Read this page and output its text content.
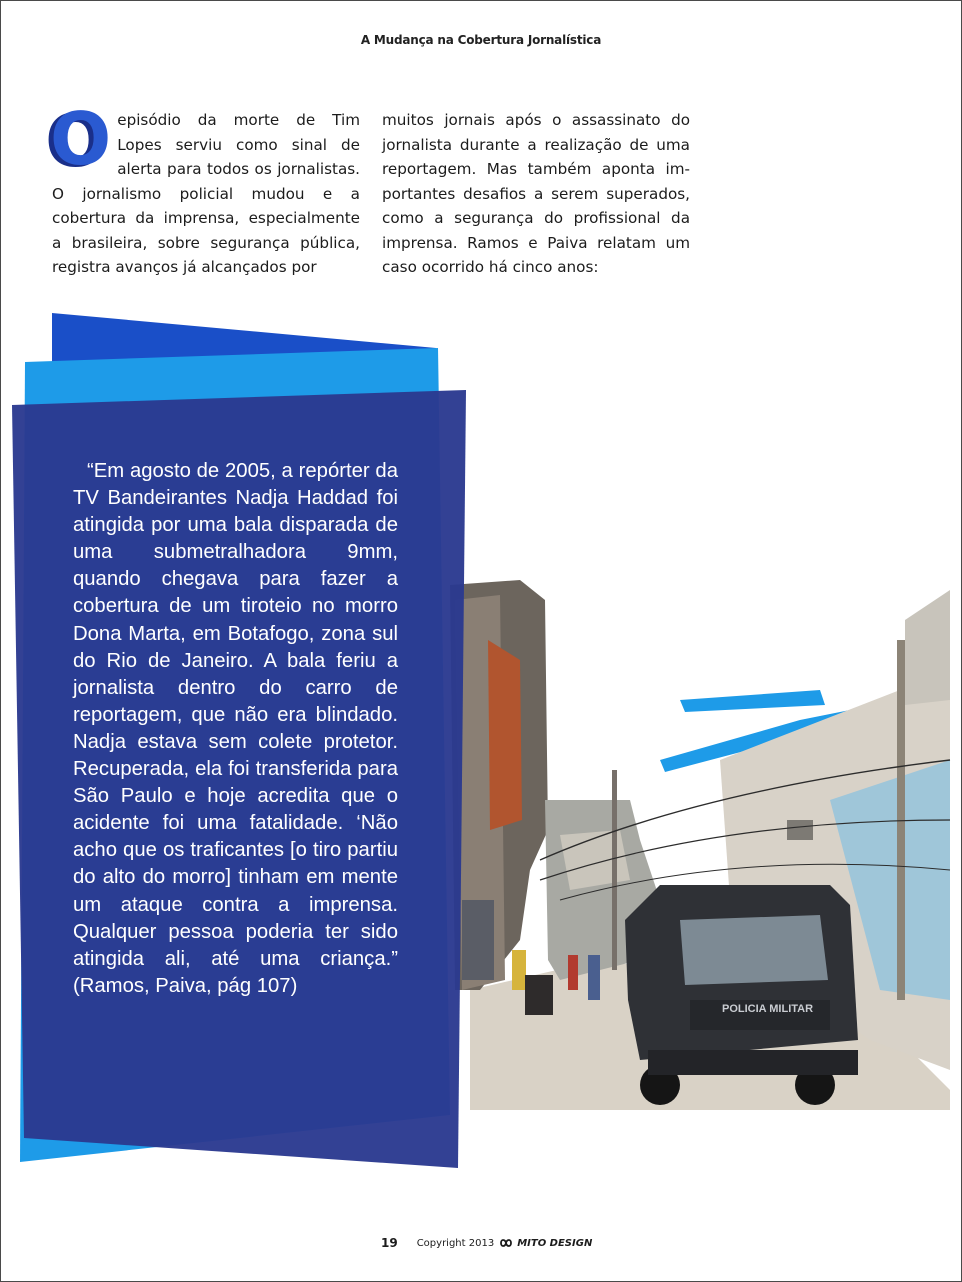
A Mudança na Cobertura Jornalística
O episódio da morte de Tim Lopes serviu como sinal de alerta para todos os jornalistas. O jornalismo policial mudou e a cobertura da imprensa, especialmente a brasileira, sobre segurança pública, registra avanços já alcançados por
muitos jornais após o assassinato do jornalista durante a realização de uma reportagem. Mas também aponta importantes desafios a serem superados, como a segurança do profissional da imprensa. Ramos e Paiva relatam um caso ocorrido há cinco anos:
POLICIA MILITAR
“Em agosto de 2005, a repórter da TV Bandeirantes Nadja Haddad foi atingida por uma bala disparada de uma submetralhadora 9mm, quando chegava para fazer a cobertura de um tiroteio no morro Dona Marta, em Botafogo, zona sul do Rio de Janeiro. A bala feriu a jornalista dentro do carro de reportagem, que não era blindado. Nadja estava sem colete protetor. Recuperada, ela foi transferida para São Paulo e hoje acredita que o acidente foi uma fatalidade. ‘Não acho que os traficantes [o tiro partiu do alto do morro] tinham em mente um ataque contra a imprensa. Qualquer pessoa poderia ter sido atingida ali, até uma criança.” (Ramos, Paiva, pág 107)
19 Copyright 2013 MITO DESIGN
